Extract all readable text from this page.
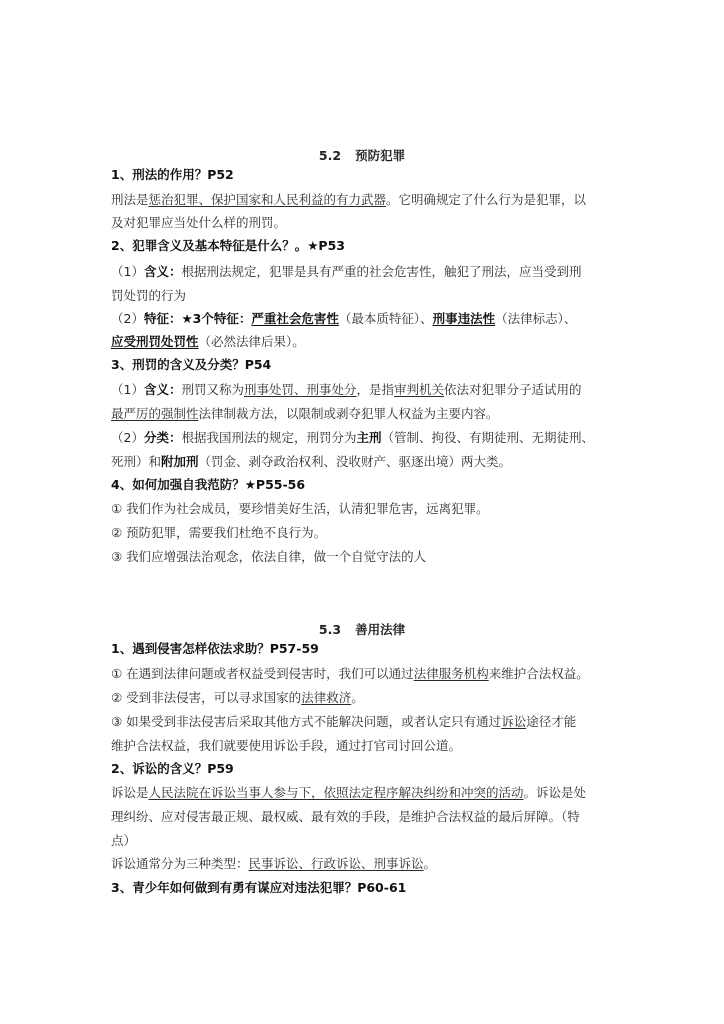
5.2 预防犯罪
1、刑法的作用？P52
刑法是惩治犯罪、保护国家和人民利益的有力武器。它明确规定了什么行为是犯罪，以
及对犯罪应当处什么样的刑罚。
2、犯罪含义及基本特征是什么？。★P53
（1）含义：根据刑法规定，犯罪是具有严重的社会危害性，触犯了刑法，应当受到刑
罚处罚的行为
（2）特征：★3个特征：严重社会危害性（最本质特征）、刑事违法性（法律标志）、
应受刑罚处罚性（必然法律后果）。
3、刑罚的含义及分类？P54
（1）含义：刑罚又称为刑事处罚、刑事处分，是指审判机关依法对犯罪分子适试用的
最严厉的强制性法律制裁方法，以限制或剥夺犯罪人权益为主要内容。
（2）分类：根据我国刑法的规定，刑罚分为主刑（管制、拘役、有期徒刑、无期徒刑、
死刑）和附加刑（罚金、剥夺政治权利、没收财产、驱逐出境）两大类。
4、如何加强自我范防？★P55-56
① 我们作为社会成员，要珍惜美好生活，认清犯罪危害，远离犯罪。
② 预防犯罪，需要我们杜绝不良行为。
③ 我们应增强法治观念，依法自律，做一个自觉守法的人
5.3 善用法律
1、遇到侵害怎样依法求助？P57-59
① 在遇到法律问题或者权益受到侵害时，我们可以通过法律服务机构来维护合法权益。
② 受到非法侵害，可以寻求国家的法律救济。
③ 如果受到非法侵害后采取其他方式不能解决问题，或者认定只有通过诉讼途径才能
维护合法权益，我们就要使用诉讼手段，通过打官司讨回公道。
2、诉讼的含义？P59
诉讼是人民法院在诉讼当事人参与下，依照法定程序解决纠纷和冲突的活动。诉讼是处
理纠纷、应对侵害最正规、最权威、最有效的手段，是维护合法权益的最后屏障。（特
点）
诉讼通常分为三种类型：民事诉讼、行政诉讼、刑事诉讼。
3、青少年如何做到有勇有谋应对违法犯罪？P60-61
